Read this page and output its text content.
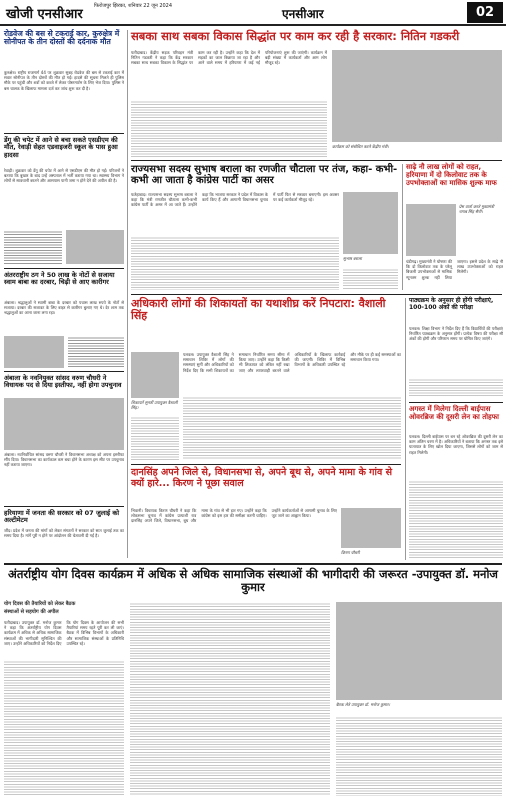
खोजी एनसीआर
फिरोजपुर झिरका, शनिवार 22 जून 2024
एनसीआर	02
रोडवेज की बस से टकराई कार, कुरुक्षेत्र में सोनीपत के तीन दोस्तों की दर्दनाक मौत
कुरुक्षेत्र। राष्ट्रीय राजमार्ग 44 पर शुक्रवार सुबह रोडवेज की बस से टकराई कार में सवार सोनीपत के तीन दोस्तों की मौत हो गई। हादसे की सूचना मिलते ही पुलिस मौके पर पहुंची और शवों को कब्जे में लेकर पोस्टमार्टम के लिए भेज दिया। पुलिस ने बस चालक के खिलाफ मामला दर्ज कर जांच शुरू कर दी है।
डेंगू की चपेट में आने से बचा सकते एसडीएम की मौत, रेवाड़ी सेहत एडवाइजरी स्कूल के पास हुआ हादसा
रेवाड़ी। शुक्रवार को डेंगू की चपेट में आने से एसडीएम की मौत हो गई। परिजनों ने बताया कि बुखार के बाद उन्हें अस्पताल में भर्ती कराया गया था। स्वास्थ्य विभाग ने लोगों से सावधानी बरतने और आसपास पानी जमा न होने देने की अपील की है।
अंतरराष्ट्रीय ठग ने 50 लाख के नोटों से सजाया स्वाम बाबा का दरबार, चिढ़ी से आए कारीगर
अंबाला। श्रद्धालुओं ने स्वामी बाबा के दरबार को पचास लाख रुपये के नोटों से सजाया। दरबार की सजावट के लिए बाहर से कारीगर बुलाए गए थे। देर शाम तक श्रद्धालुओं का आना जाना लगा रहा।
अंबाला के नवनियुक्त सांसद वरुण चौधरी ने विधायक पद से दिया इस्तीफा, नहीं होगा उपचुनाव
अंबाला। नवनिर्वाचित सांसद वरुण चौधरी ने विधानसभा अध्यक्ष को अपना इस्तीफा सौंप दिया। विधानसभा का कार्यकाल कम बचा होने के कारण इस सीट पर उपचुनाव नहीं कराया जाएगा।
हरियाणा में जनता की सरकार को 07 जुलाई को अल्टीमेटम
जींद। प्रदेश में जनता की मांगों को लेकर संगठनों ने सरकार को सात जुलाई तक का समय दिया है। मांगें पूरी न होने पर आंदोलन की चेतावनी दी गई है।
सबका साथ सबका विकास सिद्धांत पर काम कर रही है सरकार: नितिन गडकरी
फरीदाबाद। केंद्रीय सड़क परिवहन मंत्री नितिन गडकरी ने कहा कि केंद्र सरकार सबका साथ सबका विकास के सिद्धांत पर काम कर रही है। उन्होंने कहा कि देश में सड़कों का जाल बिछाया जा रहा है और आने वाले समय में हरियाणा में कई नई परियोजनाएं शुरू की जाएंगी। कार्यक्रम में बड़ी संख्या में कार्यकर्ता और आम लोग मौजूद रहे।
कार्यक्रम को संबोधित करते केंद्रीय मंत्री।
राज्यसभा सदस्य सुभाष बराला का रणजीत चौटाला पर तंज, कहा- कभी-कभी आ जाता है कांग्रेस पार्टी का असर
फतेहाबाद। राज्यसभा सदस्य सुभाष बराला ने कहा कि मंत्री रणजीत चौटाला कभी-कभी कांग्रेस पार्टी के असर में आ जाते हैं। उन्होंने कहा कि भाजपा सरकार ने प्रदेश में विकास के कार्य किए हैं और आगामी विधानसभा चुनाव में पार्टी फिर से सरकार बनाएगी। इस अवसर पर कई कार्यकर्ता मौजूद रहे।
सुभाष बराला
साढ़े नौ लाख लोगों को राहत, हरियाणा में दो किलोवाट तक के उपभोक्ताओं का मासिक शुल्क माफ
प्रेस वार्ता करते मुख्यमंत्री नायब सिंह सैनी।
चंडीगढ़। मुख्यमंत्री ने घोषणा की कि दो किलोवाट तक के घरेलू बिजली उपभोक्ताओं से मासिक न्यूनतम शुल्क नहीं लिया जाएगा। इससे प्रदेश के साढ़े नौ लाख उपभोक्ताओं को राहत मिलेगी।
अधिकारी लोगों की शिकायतों का यथाशीघ्र करें निपटारा: वैशाली सिंह
शिकायतें सुनतीं उपायुक्त वैशाली सिंह।
पलवल। उपायुक्त वैशाली सिंह ने समाधान शिविर में लोगों की समस्याएं सुनीं और अधिकारियों को निर्देश दिए कि सभी शिकायतों का समाधान निर्धारित समय सीमा में किया जाए। उन्होंने कहा कि किसी भी शिकायत को लंबित नहीं रखा जाए और लापरवाही बरतने वाले अधिकारियों के खिलाफ कार्रवाई की जाएगी। शिविर में विभिन्न विभागों के अधिकारी उपस्थित रहे और मौके पर ही कई समस्याओं का समाधान किया गया।
पाठ्यक्रम के अनुसार ही होंगी परीक्षाएं, 100-100 अंकों की परीक्षा
पलवल। शिक्षा विभाग ने निर्देश दिए हैं कि विद्यार्थियों की परीक्षाएं निर्धारित पाठ्यक्रम के अनुसार होंगी। प्रत्येक विषय की परीक्षा सौ अंकों की होगी और परिणाम समय पर घोषित किए जाएंगे।
अगस्त में मिलेगा दिल्ली बाईपास ओवरब्रिज की दूसरी लेन का तोहफा
पलवल। दिल्ली बाईपास पर बन रहे ओवरब्रिज की दूसरी लेन का काम अंतिम चरण में है। अधिकारियों ने बताया कि अगस्त तक इसे यातायात के लिए खोल दिया जाएगा, जिससे लोगों को जाम से राहत मिलेगी।
दानसिंह अपने जिले से, विधानसभा से, अपने बूथ से, अपने मामा के गांव से क्यों हारे... किरण ने पूछा सवाल
भिवानी। विधायक किरण चौधरी ने कहा कि लोकसभा चुनाव में कांग्रेस प्रत्याशी राव दानसिंह अपने जिले, विधानसभा, बूथ और मामा के गांव से भी हार गए। उन्होंने कहा कि कांग्रेस को इस हार की समीक्षा करनी चाहिए। उन्होंने कार्यकर्ताओं से आगामी चुनाव के लिए जुट जाने का आह्वान किया।
किरण चौधरी
अंतर्राष्ट्रीय योग दिवस कार्यक्रम में अधिक से अधिक सामाजिक संस्थाओं की भागीदारी की जरूरत -उपायुक्त डॉ. मनोज कुमार
योग दिवस की तैयारियों को लेकर बैठक
संस्थाओं से सहयोग की अपील
फरीदाबाद। उपायुक्त डॉ. मनोज कुमार ने कहा कि अंतर्राष्ट्रीय योग दिवस कार्यक्रम में अधिक से अधिक सामाजिक संस्थाओं की भागीदारी सुनिश्चित की जाए। उन्होंने अधिकारियों को निर्देश दिए कि योग दिवस के आयोजन की सभी तैयारियां समय रहते पूरी कर ली जाएं। बैठक में विभिन्न विभागों के अधिकारी और सामाजिक संस्थाओं के प्रतिनिधि उपस्थित रहे।
बैठक लेते उपायुक्त डॉ. मनोज कुमार।
